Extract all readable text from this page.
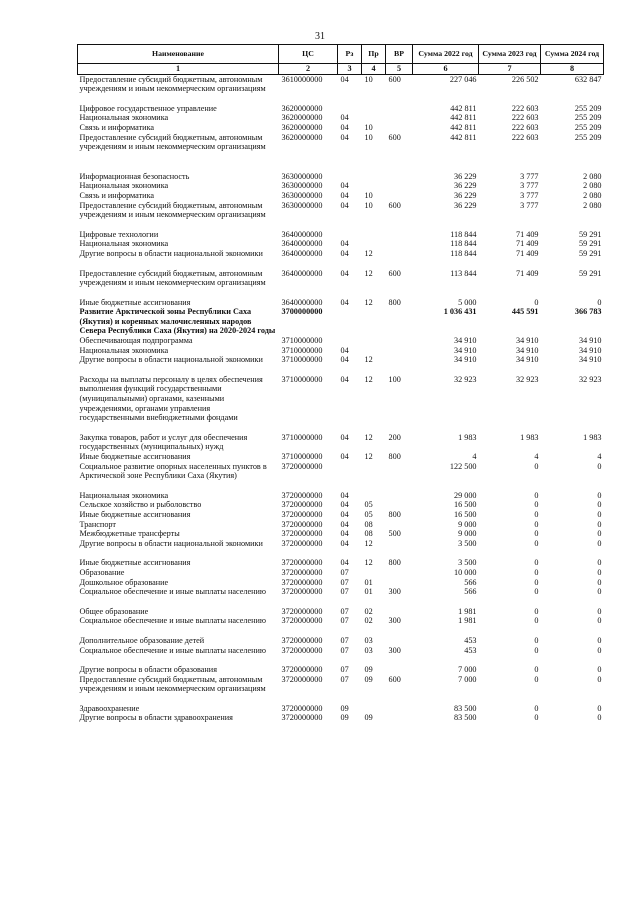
31
Наименование	ЦС	Рз	Пр	ВР	Сумма 2022 год	Сумма 2023 год	Сумма 2024 год
1	2	3	4	5	6	7	8
Предоставление субсидий бюджетным, автономным учреждениям и иным некоммерческим организациям	3610000000	04	10	600	227 046	226 502	632 847

Цифровое государственное управление	3620000000				442 811	222 603	255 209
Национальная экономика	3620000000	04			442 811	222 603	255 209
Связь и информатика	3620000000	04	10		442 811	222 603	255 209
Предоставление субсидий бюджетным, автономным учреждениям и иным некоммерческим организациям	3620000000	04	10	600	442 811	222 603	255 209

Информационная безопасность	3630000000				36 229	3 777	2 080
Национальная экономика	3630000000	04			36 229	3 777	2 080
Связь и информатика	3630000000	04	10		36 229	3 777	2 080
Предоставление субсидий бюджетным, автономным учреждениям и иным некоммерческим организациям	3630000000	04	10	600	36 229	3 777	2 080

Цифровые технологии	3640000000				118 844	71 409	59 291
Национальная экономика	3640000000	04			118 844	71 409	59 291
Другие вопросы в области национальной экономики	3640000000	04	12		118 844	71 409	59 291

Предоставление субсидий бюджетным, автономным учреждениям и иным некоммерческим организациям	3640000000	04	12	600	113 844	71 409	59 291

Иные бюджетные ассигнования	3640000000	04	12	800	5 000	0	0
Развитие Арктической зоны Республики Саха (Якутия) и коренных малочисленных народов Севера Республики Саха (Якутия) на 2020-2024 годы	3700000000				1 036 431	445 591	366 783
Обеспечивающая подпрограмма	3710000000				34 910	34 910	34 910
Национальная экономика	3710000000	04			34 910	34 910	34 910
Другие вопросы в области национальной экономики	3710000000	04	12		34 910	34 910	34 910

Расходы на выплаты персоналу в целях обеспечения выполнения функций государственными (муниципальными) органами, казенными учреждениями, органами управления государственными внебюджетными фондами	3710000000	04	12	100	32 923	32 923	32 923

Закупка товаров, работ и услуг для обеспечения государственных (муниципальных) нужд	3710000000	04	12	200	1 983	1 983	1 983
Иные бюджетные ассигнования	3710000000	04	12	800	4	4	4
Социальное развитие опорных населенных пунктов в Арктической зоне Республики Саха (Якутия)	3720000000				122 500	0	0

Национальная экономика	3720000000	04			29 000	0	0
Сельское хозяйство и рыболовство	3720000000	04	05		16 500	0	0
Иные бюджетные ассигнования	3720000000	04	05	800	16 500	0	0
Транспорт	3720000000	04	08		9 000	0	0
Межбюджетные трансферты	3720000000	04	08	500	9 000	0	0
Другие вопросы в области национальной экономики	3720000000	04	12		3 500	0	0

Иные бюджетные ассигнования	3720000000	04	12	800	3 500	0	0
Образование	3720000000	07			10 000	0	0
Дошкольное образование	3720000000	07	01		566	0	0
Социальное обеспечение и иные выплаты населению	3720000000	07	01	300	566	0	0

Общее образование	3720000000	07	02		1 981	0	0
Социальное обеспечение и иные выплаты населению	3720000000	07	02	300	1 981	0	0

Дополнительное образование детей	3720000000	07	03		453	0	0
Социальное обеспечение и иные выплаты населению	3720000000	07	03	300	453	0	0

Другие вопросы в области образования	3720000000	07	09		7 000	0	0
Предоставление субсидий бюджетным, автономным учреждениям и иным некоммерческим организациям	3720000000	07	09	600	7 000	0	0

Здравоохранение	3720000000	09			83 500	0	0
Другие вопросы в области здравоохранения	3720000000	09	09		83 500	0	0
